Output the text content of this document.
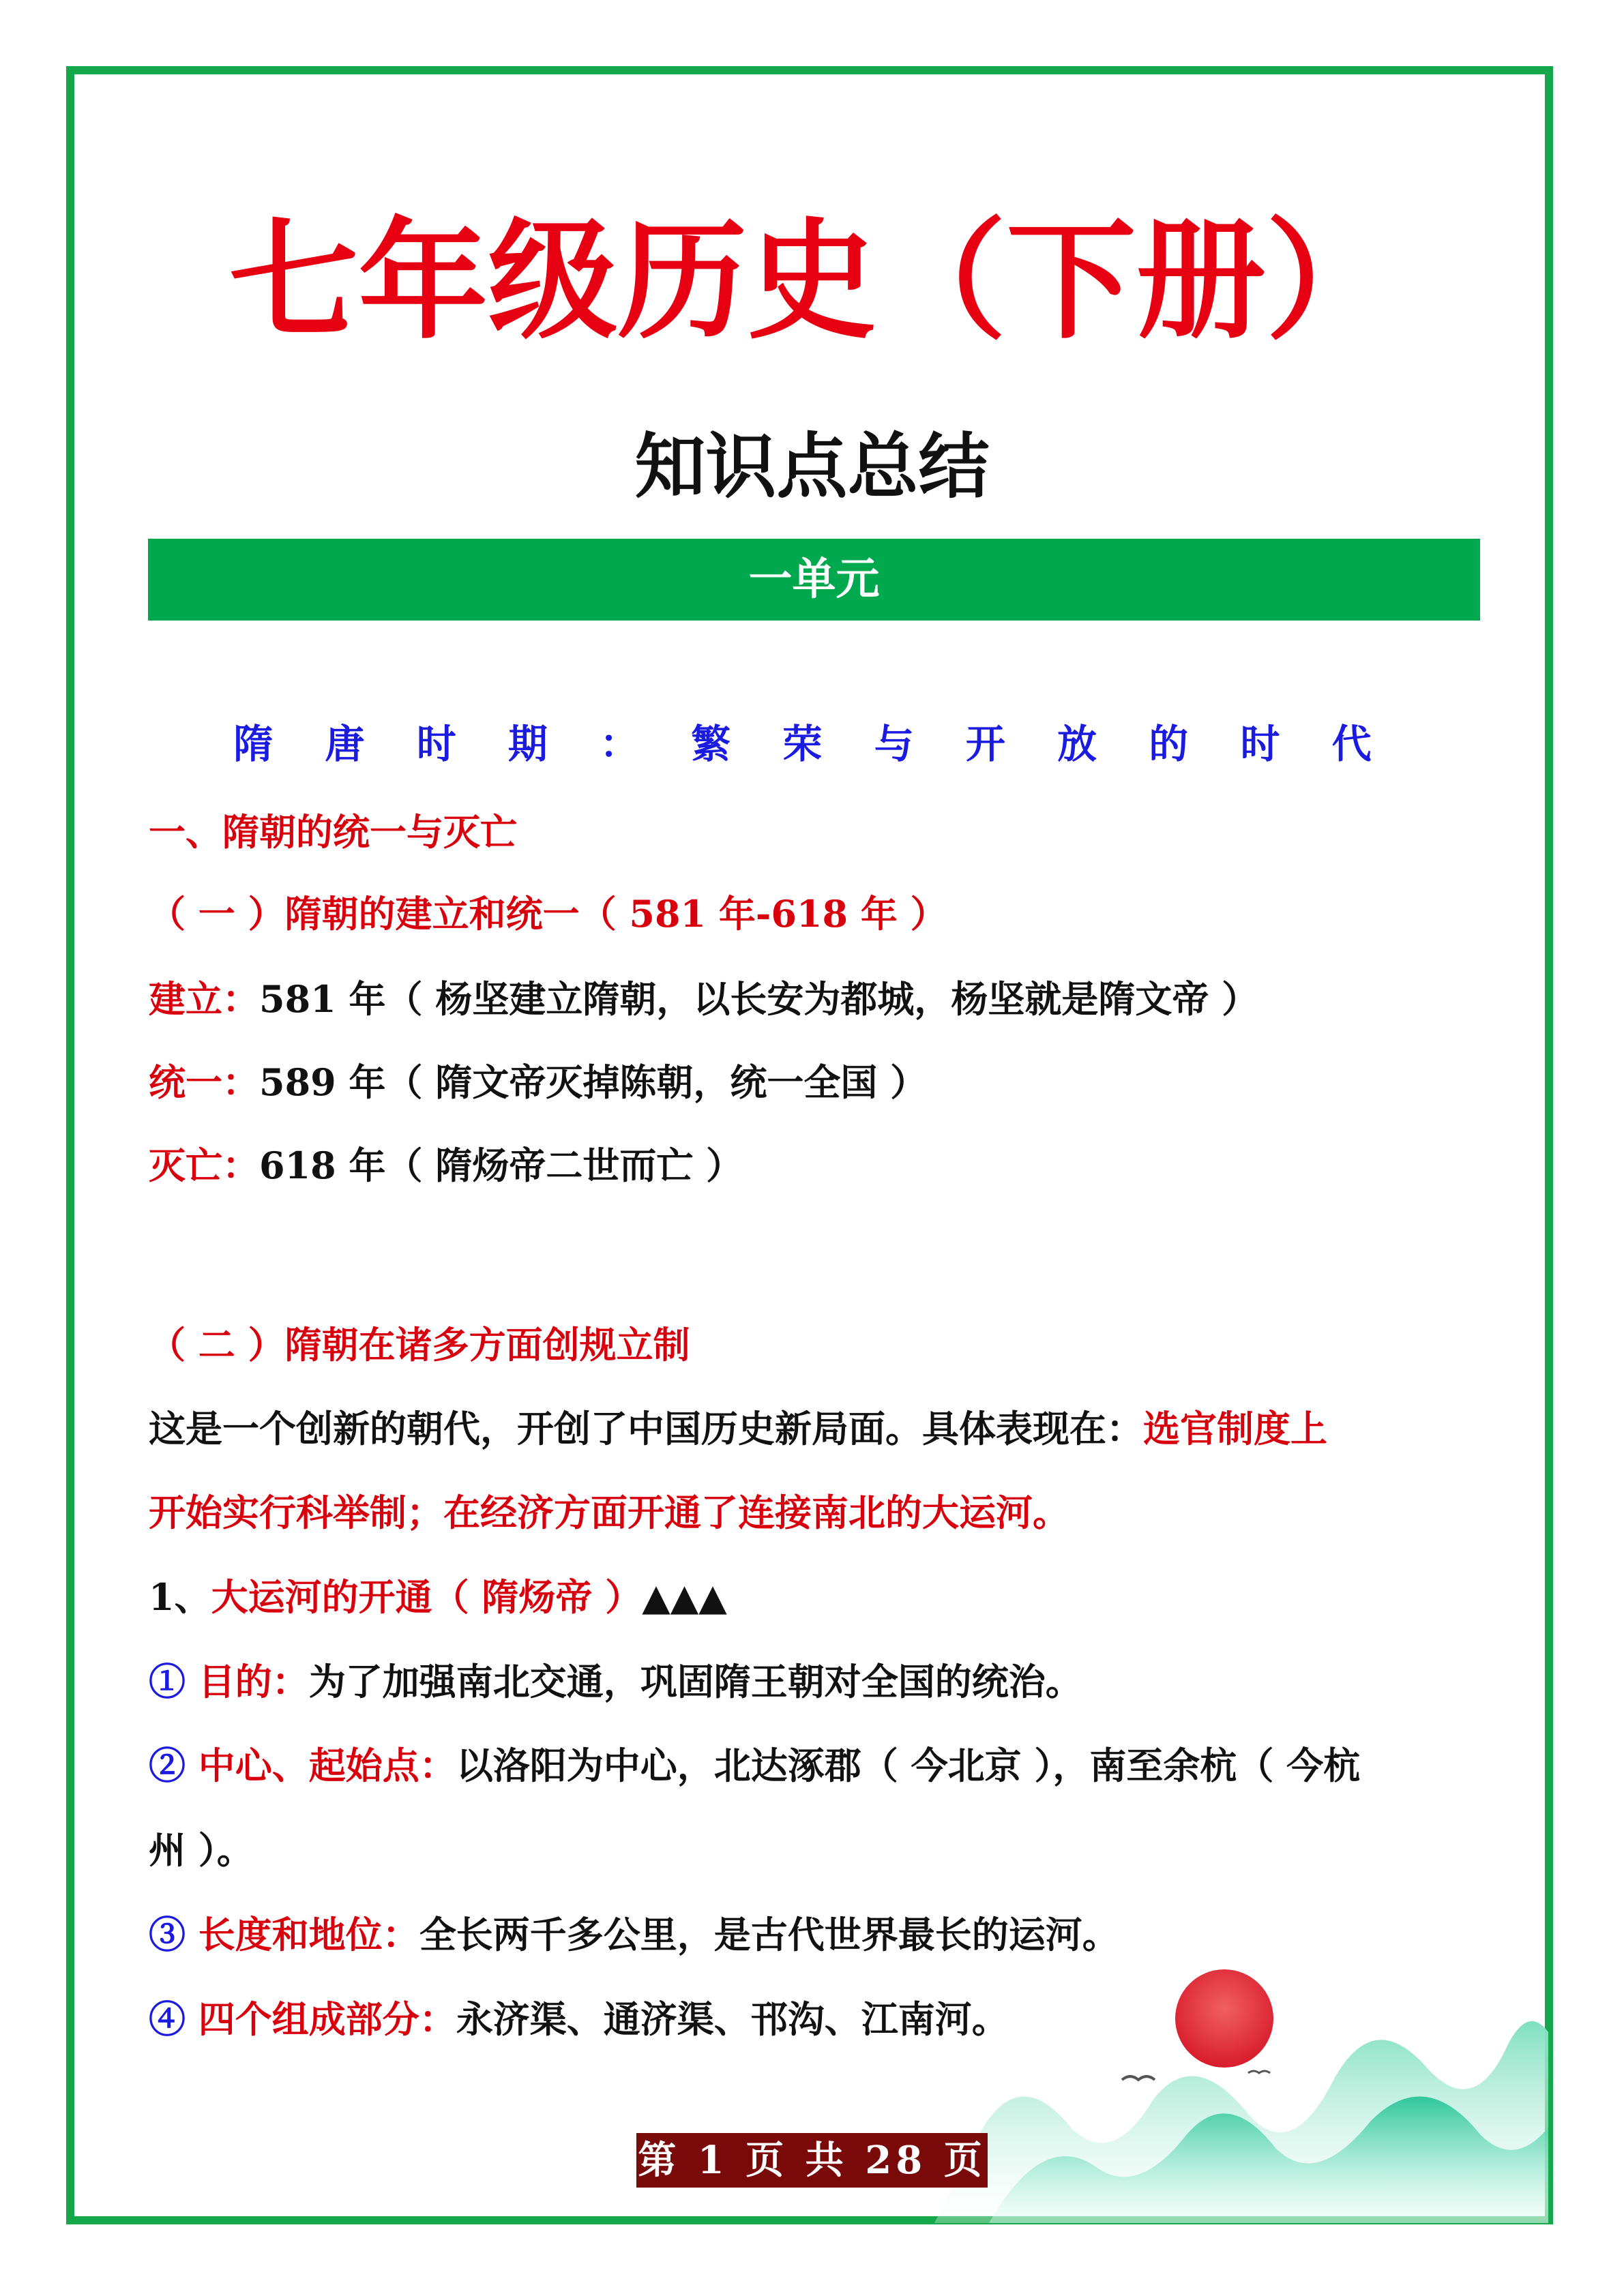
七年级历史（下册）
知识点总结
一单元
隋 唐 时 期 ： 繁 荣 与 开 放 的 时 代
一、隋朝的统一与灭亡
（ 一 ）隋朝的建立和统一（ 581 年-618 年 ）
建立：581 年（ 杨坚建立隋朝，以长安为都城，杨坚就是隋文帝 ）
统一：589 年（ 隋文帝灭掉陈朝，统一全国 ）
灭亡：618 年（ 隋炀帝二世而亡 ）
（ 二 ）隋朝在诸多方面创规立制
这是一个创新的朝代，开创了中国历史新局面。具体表现在：选官制度上
开始实行科举制；在经济方面开通了连接南北的大运河。
1、大运河的开通（ 隋炀帝 ）▲▲▲
① 目的：为了加强南北交通，巩固隋王朝对全国的统治。
② 中心、起始点：以洛阳为中心，北达涿郡（ 今北京 ），南至余杭（ 今杭
州 ）。
③ 长度和地位：全长两千多公里，是古代世界最长的运河。
④ 四个组成部分：永济渠、通济渠、邗沟、江南河。
第 1 页 共 28 页
